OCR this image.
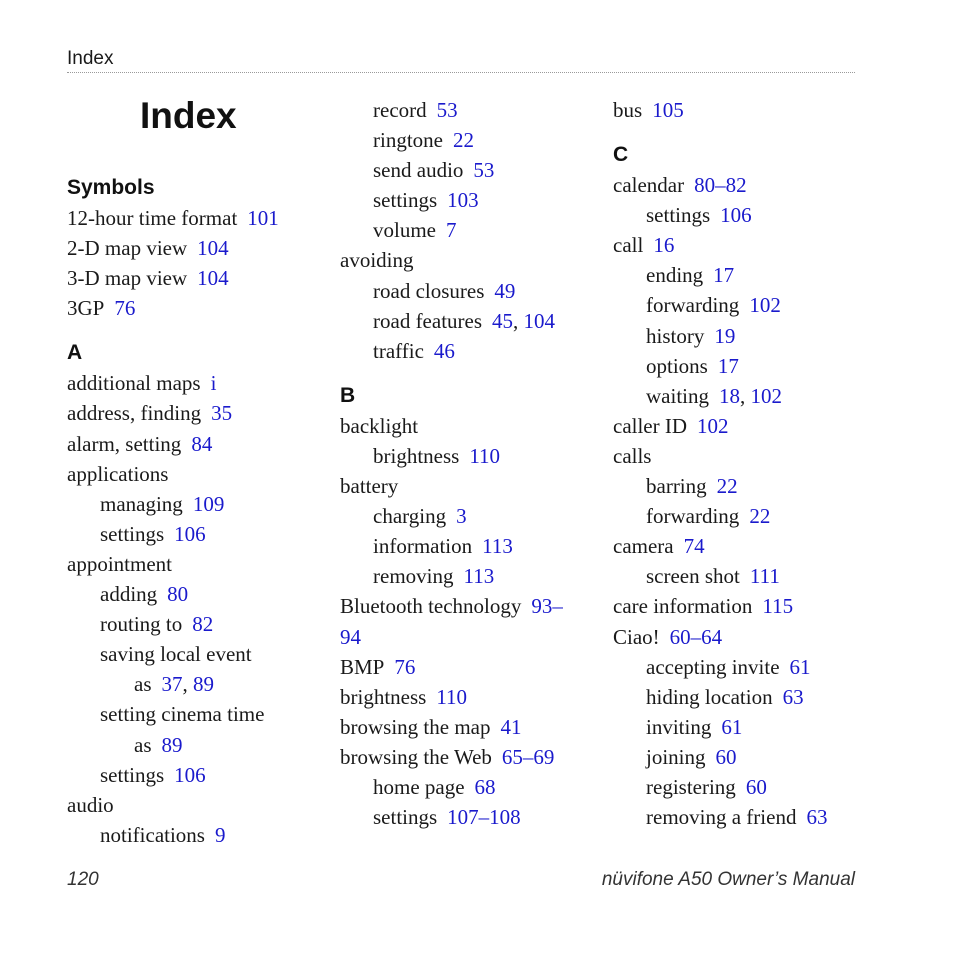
Index
Index
Symbols
12-hour time format 101
2-D map view 104
3-D map view 104
3GP 76
A
additional maps i
address, finding 35
alarm, setting 84
applications
managing 109
settings 106
appointment
adding 80
routing to 82
saving local event
as 37, 89
setting cinema time
as 89
settings 106
audio
notifications 9
record 53
ringtone 22
send audio 53
settings 103
volume 7
avoiding
road closures 49
road features 45, 104
traffic 46
B
backlight
brightness 110
battery
charging 3
information 113
removing 113
Bluetooth technology 93–
94
BMP 76
brightness 110
browsing the map 41
browsing the Web 65–69
home page 68
settings 107–108
bus 105
C
calendar 80–82
settings 106
call 16
ending 17
forwarding 102
history 19
options 17
waiting 18, 102
caller ID 102
calls
barring 22
forwarding 22
camera 74
screen shot 111
care information 115
Ciao! 60–64
accepting invite 61
hiding location 63
inviting 61
joining 60
registering 60
removing a friend 63
120	nüvifone A50 Owner’s Manual
